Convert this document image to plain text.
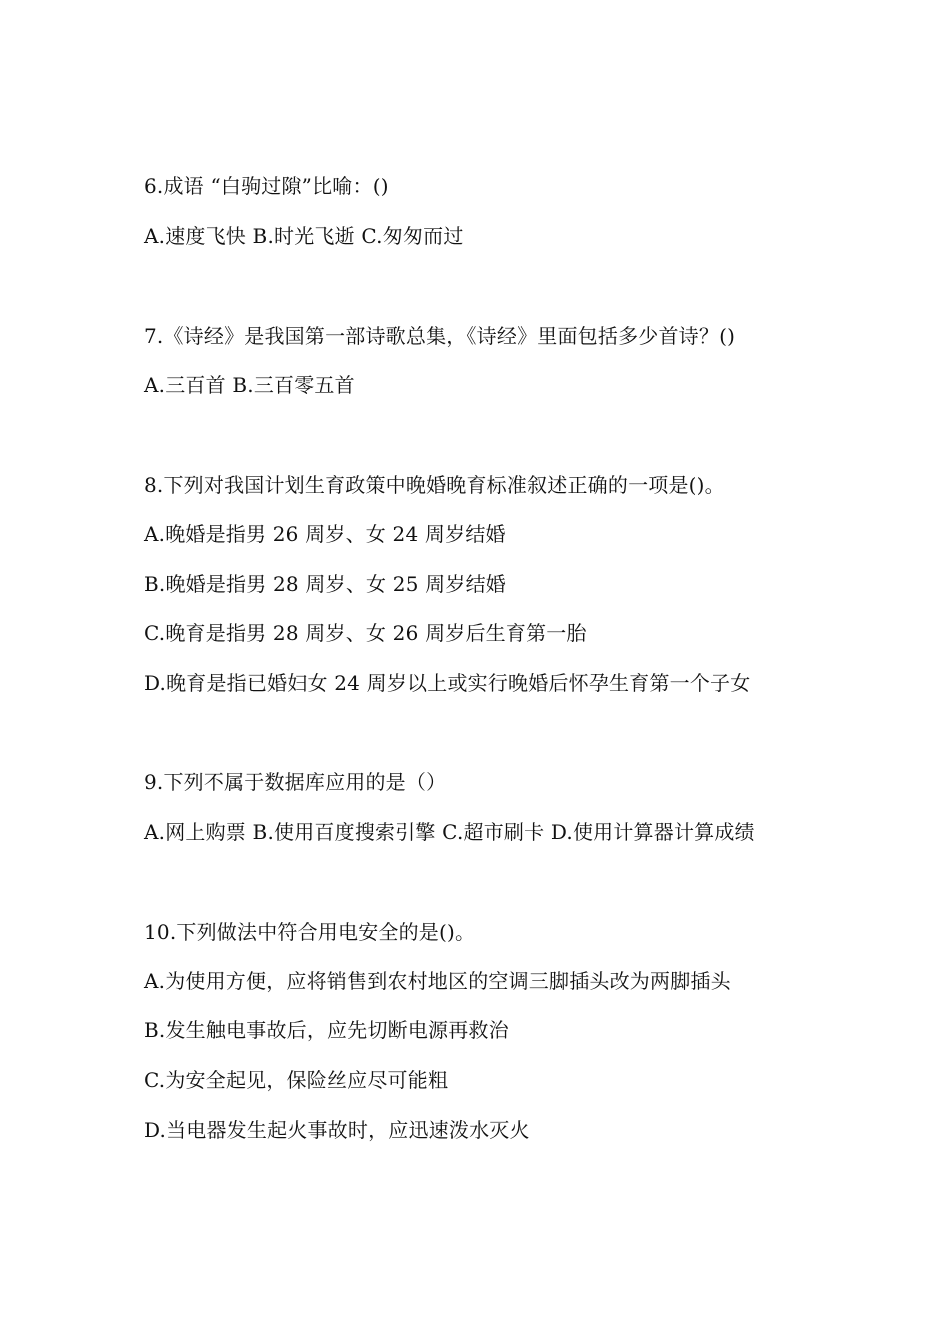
6.成语 “白驹过隙”比喻：()
A.速度飞快 B.时光飞逝 C.匆匆而过
7.《诗经》是我国第一部诗歌总集，《诗经》里面包括多少首诗？()
A.三百首 B.三百零五首
8.下列对我国计划生育政策中晚婚晚育标准叙述正确的一项是()。
A.晚婚是指男 26 周岁、女 24 周岁结婚
B.晚婚是指男 28 周岁、女 25 周岁结婚
C.晚育是指男 28 周岁、女 26 周岁后生育第一胎
D.晚育是指已婚妇女 24 周岁以上或实行晚婚后怀孕生育第一个子女
9.下列不属于数据库应用的是（）
A.网上购票 B.使用百度搜索引擎 C.超市刷卡 D.使用计算器计算成绩
10.下列做法中符合用电安全的是()。
A.为使用方便，应将销售到农村地区的空调三脚插头改为两脚插头
B.发生触电事故后，应先切断电源再救治
C.为安全起见，保险丝应尽可能粗
D.当电器发生起火事故时，应迅速泼水灭火
